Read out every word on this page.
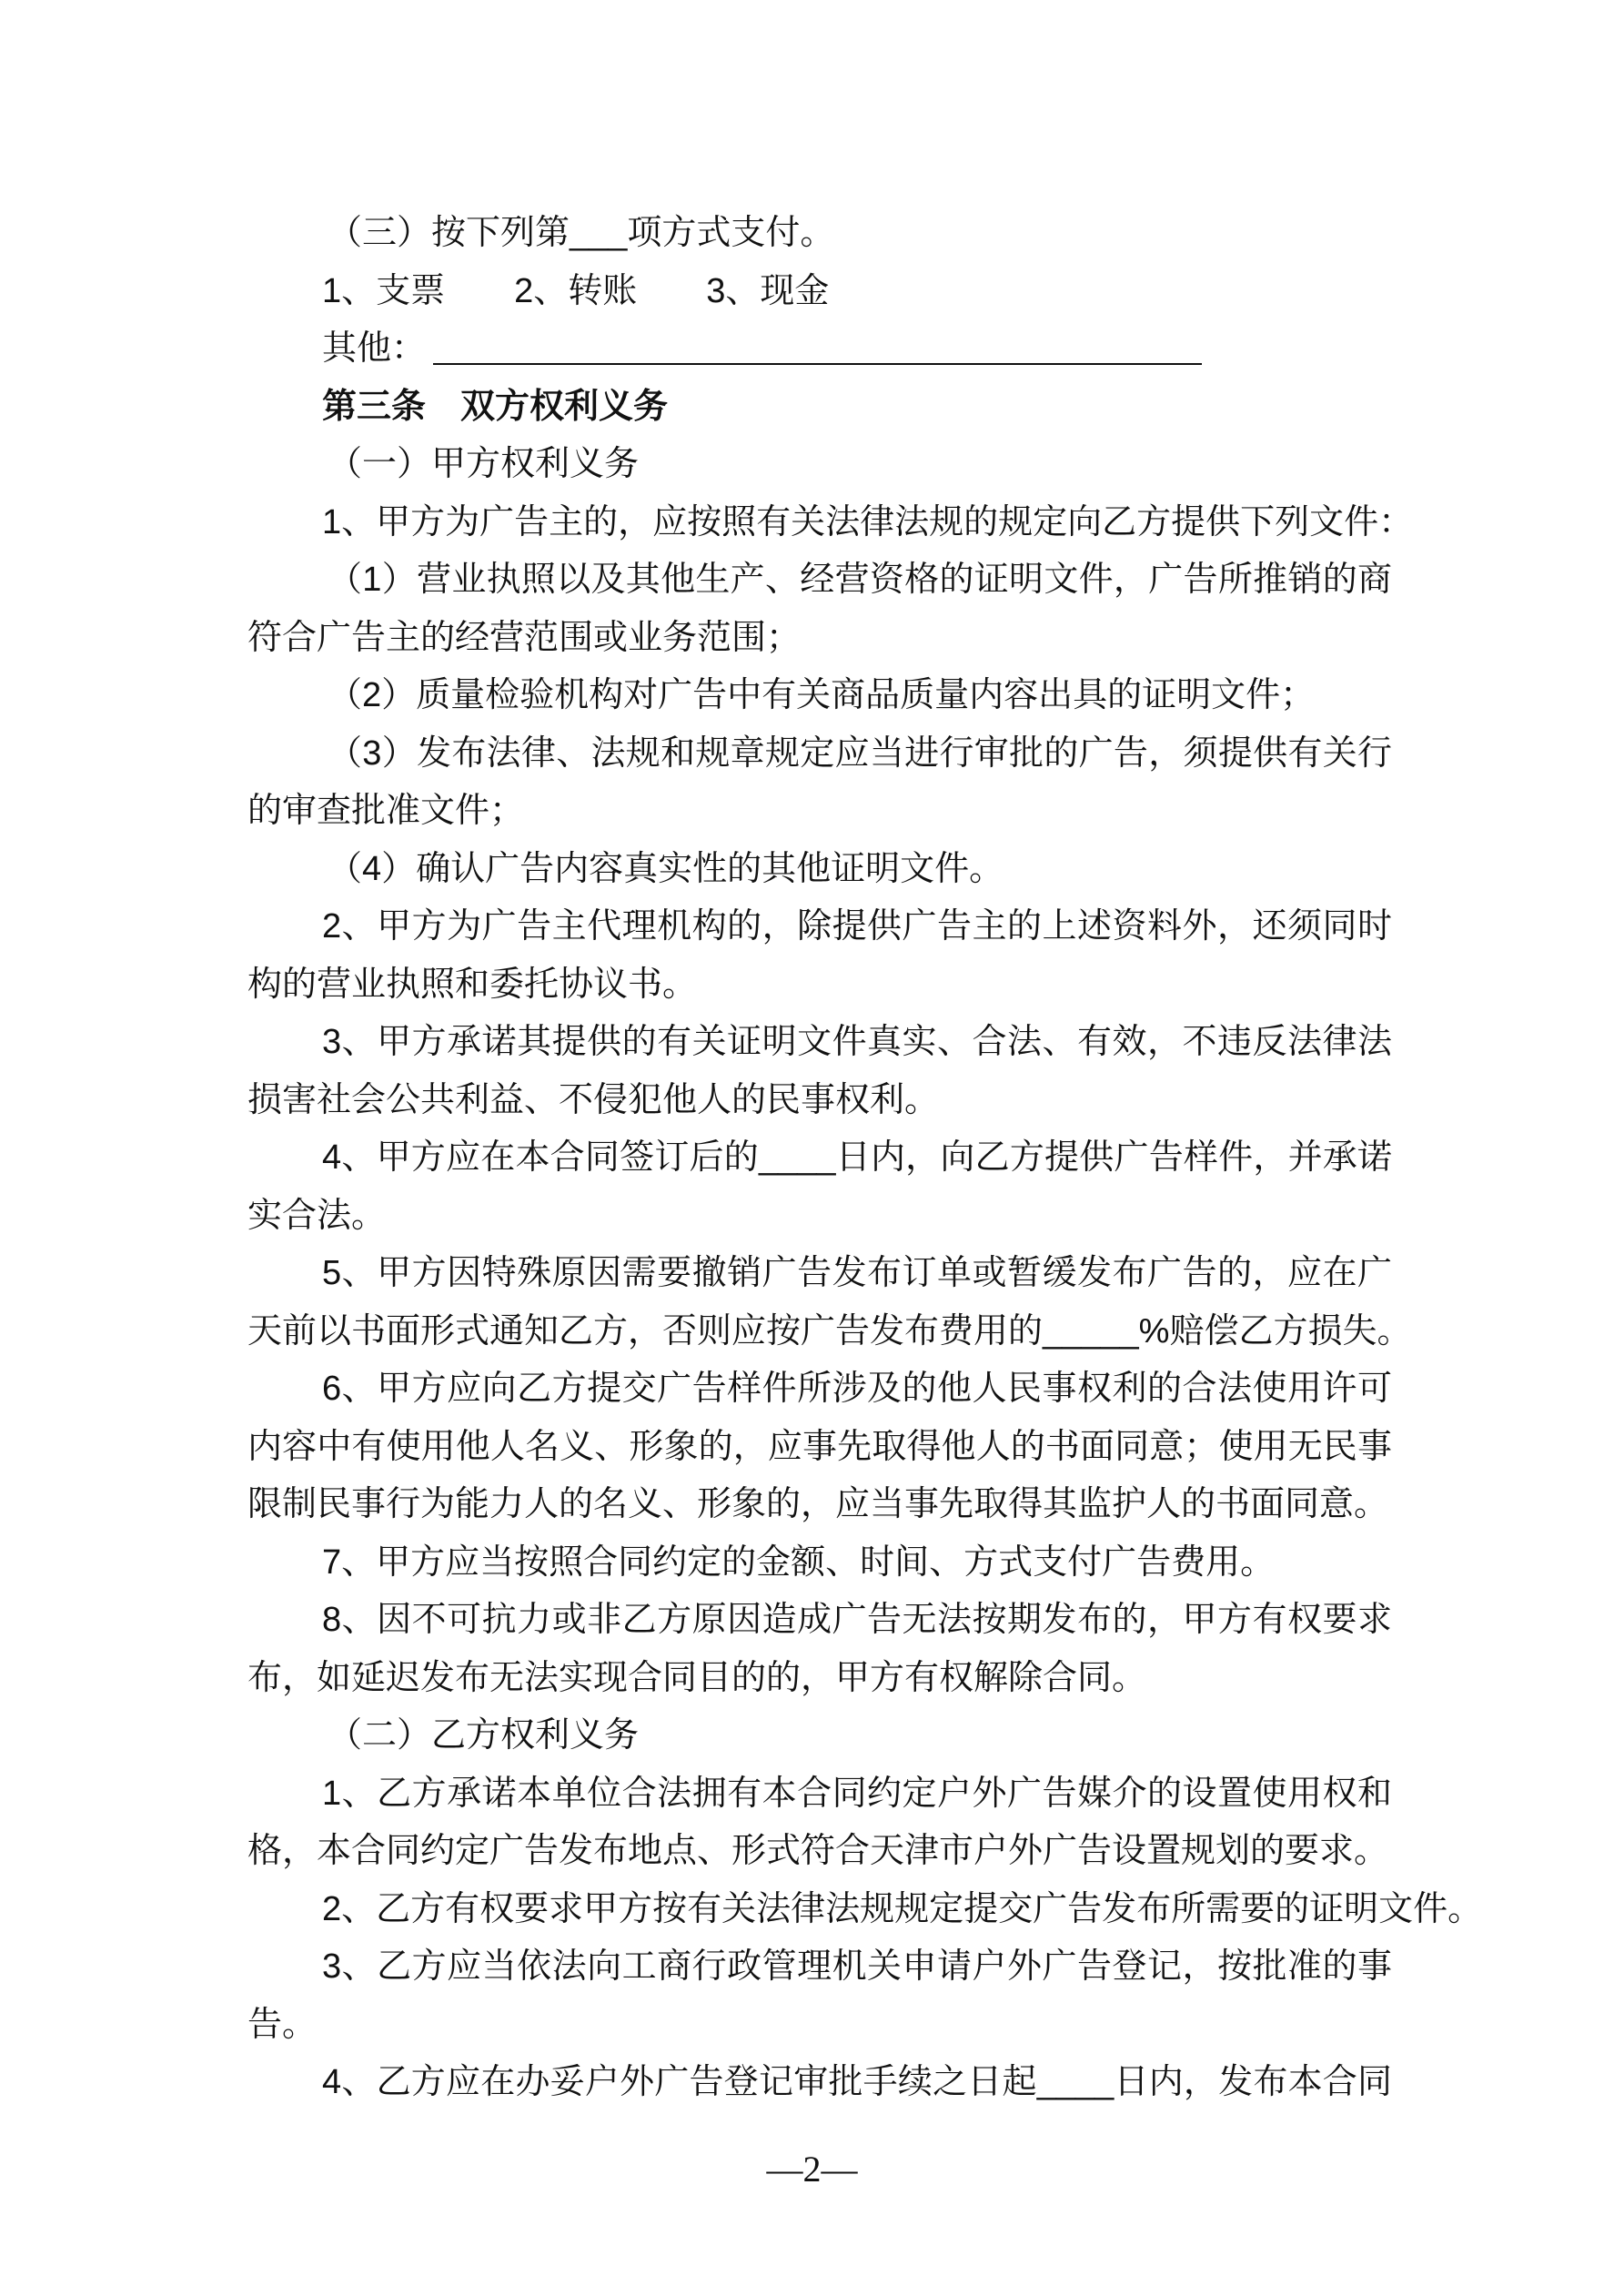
（三）按下列第___项方式支付。
1、支票　　2、转账　　3、现金
其他：
第三条　双方权利义务
（一）甲方权利义务
1、甲方为广告主的，应按照有关法律法规的规定向乙方提供下列文件：
（1）营业执照以及其他生产、经营资格的证明文件，广告所推销的商
符合广告主的经营范围或业务范围；
（2）质量检验机构对广告中有关商品质量内容出具的证明文件；
（3）发布法律、法规和规章规定应当进行审批的广告，须提供有关行
的审查批准文件；
（4）确认广告内容真实性的其他证明文件。
2、甲方为广告主代理机构的，除提供广告主的上述资料外，还须同时
构的营业执照和委托协议书。
3、甲方承诺其提供的有关证明文件真实、合法、有效，不违反法律法
损害社会公共利益、不侵犯他人的民事权利。
4、甲方应在本合同签订后的____日内，向乙方提供广告样件，并承诺
实合法。
5、甲方因特殊原因需要撤销广告发布订单或暂缓发布广告的，应在广
天前以书面形式通知乙方，否则应按广告发布费用的_____%赔偿乙方损失。
6、甲方应向乙方提交广告样件所涉及的他人民事权利的合法使用许可
内容中有使用他人名义、形象的，应事先取得他人的书面同意；使用无民事
限制民事行为能力人的名义、形象的，应当事先取得其监护人的书面同意。
7、甲方应当按照合同约定的金额、时间、方式支付广告费用。
8、因不可抗力或非乙方原因造成广告无法按期发布的，甲方有权要求
布，如延迟发布无法实现合同目的的，甲方有权解除合同。
（二）乙方权利义务
1、乙方承诺本单位合法拥有本合同约定户外广告媒介的设置使用权和
格，本合同约定广告发布地点、形式符合天津市户外广告设置规划的要求。
2、乙方有权要求甲方按有关法律法规规定提交广告发布所需要的证明文件。
3、乙方应当依法向工商行政管理机关申请户外广告登记，按批准的事
告。
4、乙方应在办妥户外广告登记审批手续之日起____日内，发布本合同
—2—
